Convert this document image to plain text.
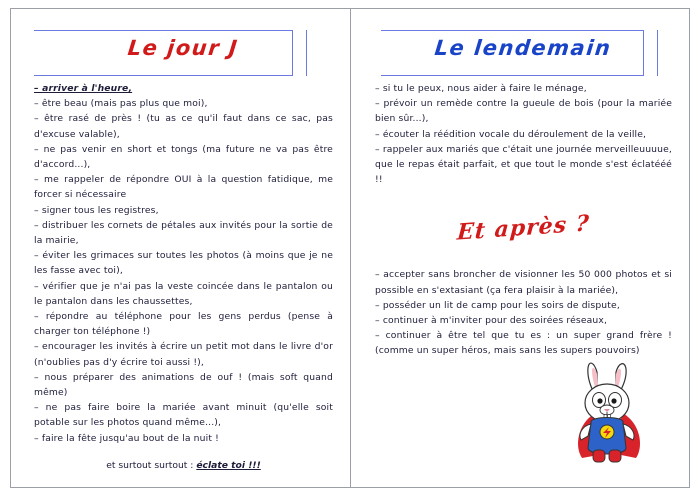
Le jour J

– arriver à l'heure,

– être beau (mais pas plus que moi),

– être rasé de près ! (tu as ce qu'il faut dans ce sac, pas d'excuse valable),

– ne pas venir en short et tongs (ma future ne va pas être d'accord...),

– me rappeler de répondre OUI à la question fatidique, me forcer si nécessaire

– signer tous les registres,

– distribuer les cornets de pétales aux invités pour la sortie de la mairie,

– éviter les grimaces sur toutes les photos (à moins que je ne les fasse avec toi),

– vérifier que je n'ai pas la veste coincée dans le pantalon ou le pantalon dans les chaussettes,

– répondre au téléphone pour les gens perdus (pense à charger ton téléphone !)

– encourager les invités à écrire un petit mot dans le livre d'or (n'oublies pas d'y écrire toi aussi !),

– nous préparer des animations de ouf ! (mais soft quand même)

– ne pas faire boire la mariée avant minuit (qu'elle soit potable sur les photos quand même...),

– faire la fête jusqu'au bout de la nuit !

et surtout surtout : éclate toi !!!
Le lendemain

– si tu le peux, nous aider à faire le ménage,

– prévoir un remède contre la gueule de bois (pour la mariée bien sûr...),

– écouter la réédition vocale du déroulement de la veille,

– rappeler aux mariés que c'était une journée merveilleuuuue, que le repas était parfait, et que tout le monde s'est éclatééé !!

Et après ?

– accepter sans broncher de visionner les 50 000 photos et si possible en s'extasiant (ça fera plaisir à la mariée),

– posséder un lit de camp pour les soirs de dispute,

– continuer à m'inviter pour des soirées réseaux,

– continuer à être tel que tu es : un super grand frère ! (comme un super héros, mais sans les supers pouvoirs)
